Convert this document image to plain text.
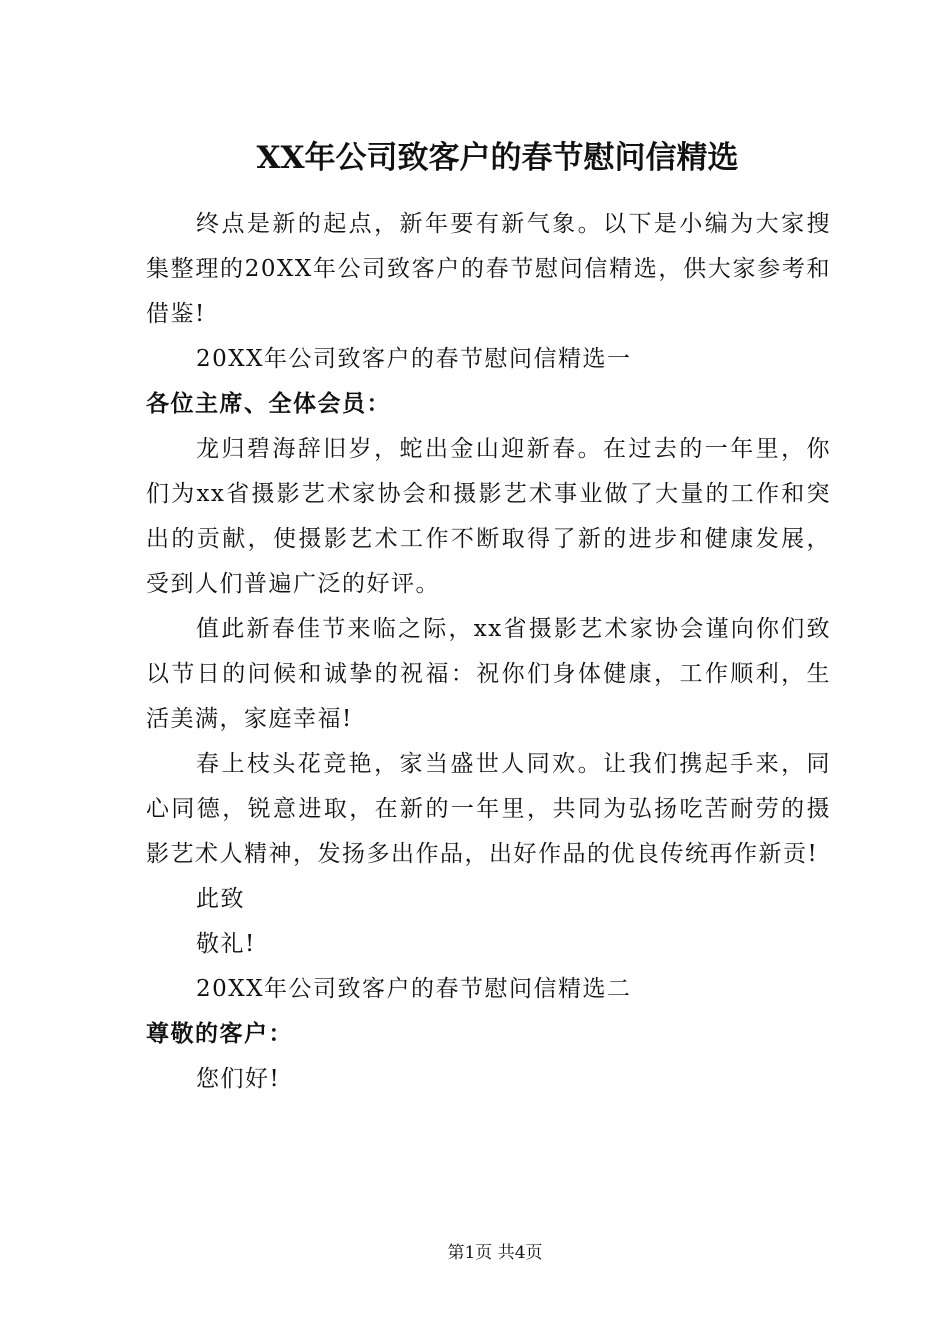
XX年公司致客户的春节慰问信精选

终点是新的起点，新年要有新气象。以下是小编为大家搜集整理的20XX年公司致客户的春节慰问信精选，供大家参考和借鉴!

20XX年公司致客户的春节慰问信精选一

各位主席、全体会员：

龙归碧海辞旧岁，蛇出金山迎新春。在过去的一年里，你们为xx省摄影艺术家协会和摄影艺术事业做了大量的工作和突出的贡献，使摄影艺术工作不断取得了新的进步和健康发展，受到人们普遍广泛的好评。

值此新春佳节来临之际，xx省摄影艺术家协会谨向你们致以节日的问候和诚挚的祝福：祝你们身体健康，工作顺利，生活美满，家庭幸福!

春上枝头花竞艳，家当盛世人同欢。让我们携起手来，同心同德，锐意进取，在新的一年里，共同为弘扬吃苦耐劳的摄影艺术人精神，发扬多出作品，出好作品的优良传统再作新贡!

此致

敬礼!

20XX年公司致客户的春节慰问信精选二

尊敬的客户：

您们好!

第1页 共4页
